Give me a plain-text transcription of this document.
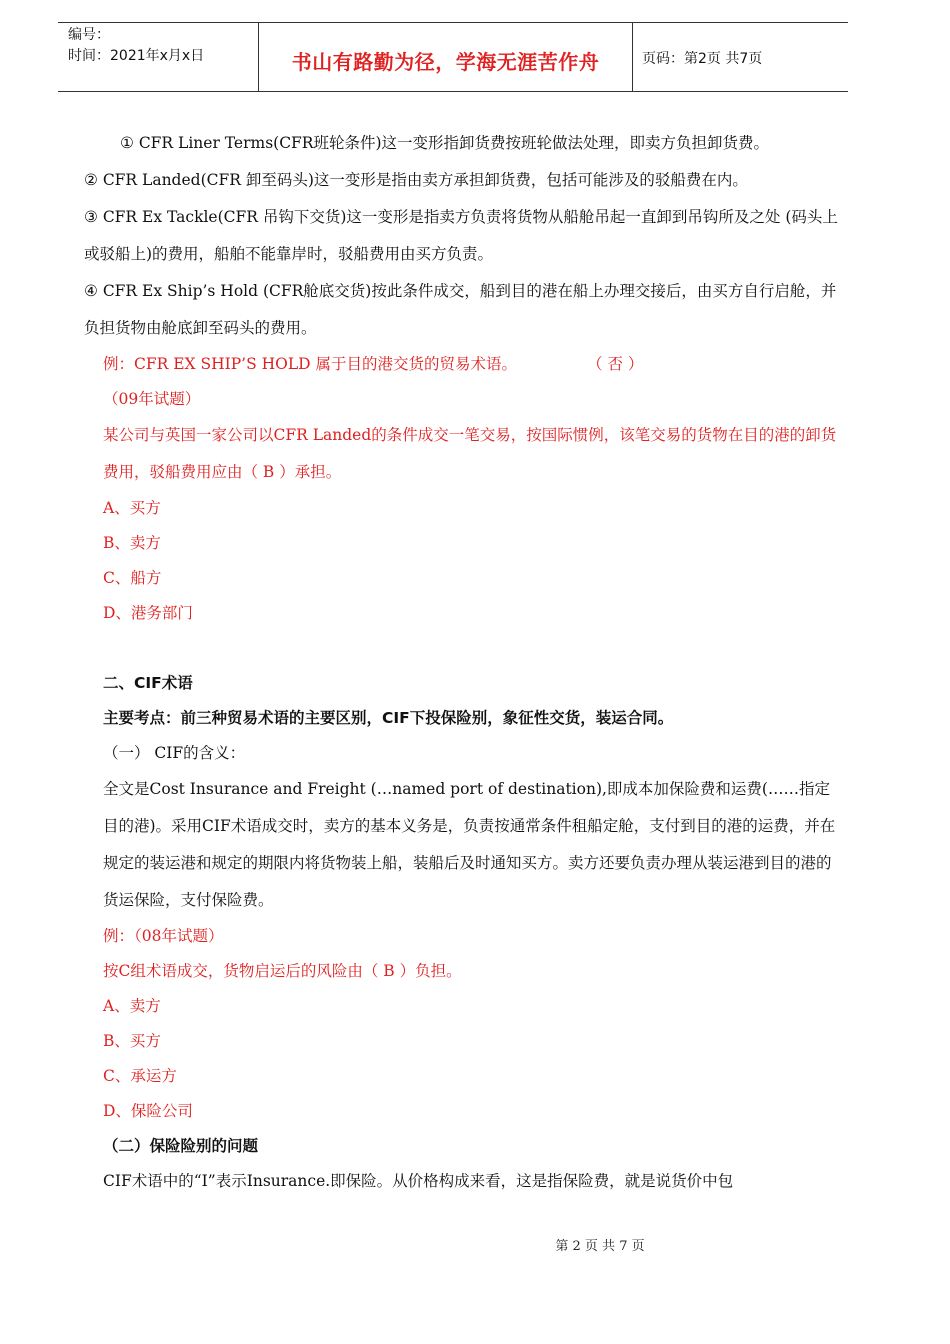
编号：
时间：2021年x月x日	书山有路勤为径，学海无涯苦作舟	页码：第2页 共7页

① CFR Liner Terms(CFR班轮条件)这一变形指卸货费按班轮做法处理，即卖方负担卸货费。

② CFR Landed(CFR 卸至码头)这一变形是指由卖方承担卸货费，包括可能涉及的驳船费在内。

③ CFR Ex Tackle(CFR 吊钩下交货)这一变形是指卖方负责将货物从船舱吊起一直卸到吊钩所及之处 (码头上或驳船上)的费用，船舶不能靠岸时，驳船费用由买方负责。

④ CFR Ex Ship’s Hold (CFR舱底交货)按此条件成交，船到目的港在船上办理交接后，由买方自行启舱，并负担货物由舱底卸至码头的费用。

例：CFR EX SHIP’S HOLD 属于目的港交货的贸易术语。	（ 否 ）

（09年试题）

某公司与英国一家公司以CFR Landed的条件成交一笔交易，按国际惯例，该笔交易的货物在目的港的卸货费用，驳船费用应由（ B ）承担。

A、买方

B、卖方

C、船方

D、港务部门

二、CIF术语

主要考点：前三种贸易术语的主要区别，CIF下投保险别，象征性交货，装运合同。

（一） CIF的含义：

全文是Cost Insurance and Freight (…named port of destination),即成本加保险费和运费(……指定目的港)。采用CIF术语成交时，卖方的基本义务是，负责按通常条件租船定舱，支付到目的港的运费，并在规定的装运港和规定的期限内将货物装上船，装船后及时通知买方。卖方还要负责办理从装运港到目的港的货运保险，支付保险费。

例：（08年试题）

按C组术语成交，货物启运后的风险由（ B ）负担。

A、卖方

B、买方

C、承运方

D、保险公司

（二）保险险别的问题

CIF术语中的“I”表示Insurance.即保险。从价格构成来看，这是指保险费，就是说货价中包

第 2 页 共 7 页
